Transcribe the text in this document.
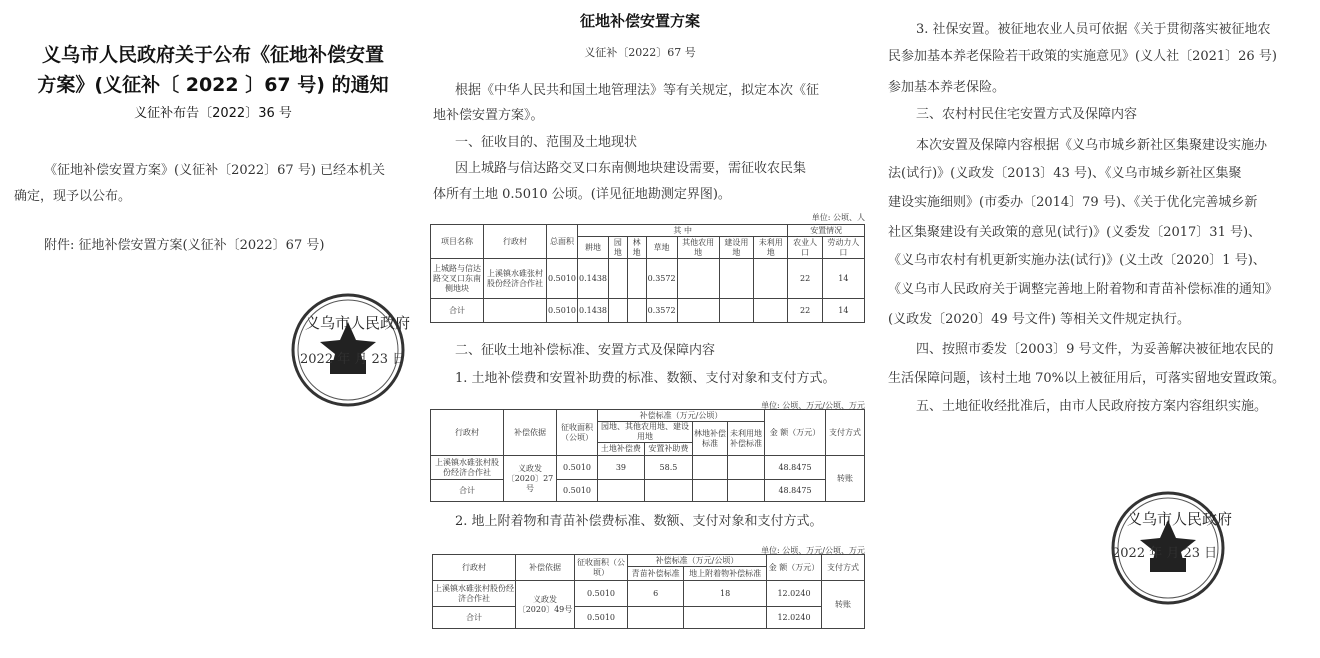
义乌市人民政府关于公布《征地补偿安置
方案》(义征补〔 2022 〕67 号) 的通知
义征补布告〔2022〕36 号
《征地补偿安置方案》(义征补〔2022〕67 号) 已经本机关
确定，现予以公布。
附件: 征地补偿安置方案(义征补〔2022〕67 号)
义乌市人民政府
2022 年 月 23 日
征地补偿安置方案
义征补〔2022〕67 号
根据《中华人民共和国土地管理法》等有关规定，拟定本次《征
地补偿安置方案》。
一、征收目的、范围及土地现状
因上城路与信达路交叉口东南侧地块建设需要，需征收农民集
体所有土地 0.5010 公顷。(详见征地勘测定界图)。
单位: 公顷、人
项目名称	行政村	总面积	其 中							安置情况	
			耕地	园地	林地	草地	其他农用地	建设用地	未利用地	农业人口	劳动力人口
上城路与信达路交叉口东南侧地块	上溪镇水碓张村股份经济合作社	0.5010	0.1438			0.3572				22	14
合计		0.5010	0.1438			0.3572				22	14
二、征收土地补偿标准、安置方式及保障内容
1. 土地补偿费和安置补助费的标准、数额、支付对象和支付方式。
单位: 公顷、万元/公顷、万元
行政村	补偿依据	征收面积（公顷）	补偿标准（万元/公顷）				金 额（万元）	支付方式
			园地、其他农用地、建设用地		林地补偿标准	未利用地补偿标准		
			土地补偿费	安置补助费				
上溪镇水碓张村股份经济合作社	义政发〔2020〕27号	0.5010	39	58.5			48.8475	转账
合计		0.5010					48.8475	
2. 地上附着物和青苗补偿费标准、数额、支付对象和支付方式。
单位: 公顷、万元/公顷、万元
行政村	补偿依据	征收面积（公顷）	补偿标准（万元/公顷）		金 额（万元）	支付方式
			青苗补偿标准	地上附着物补偿标准		
上溪镇水碓张村股份经济合作社	义政发〔2020〕49号	0.5010	6	18	12.0240	转账
合计		0.5010			12.0240	
3. 社保安置。被征地农业人员可依据《关于贯彻落实被征地农
民参加基本养老保险若干政策的实施意见》(义人社〔2021〕26 号)
参加基本养老保险。
三、农村村民住宅安置方式及保障内容
本次安置及保障内容根据《义乌市城乡新社区集聚建设实施办
法(试行)》(义政发〔2013〕43 号)、《义乌市城乡新社区集聚
建设实施细则》(市委办〔2014〕79 号)、《关于优化完善城乡新
社区集聚建设有关政策的意见(试行)》(义委发〔2017〕31 号)、
《义乌市农村有机更新实施办法(试行)》(义土改〔2020〕1 号)、
《义乌市人民政府关于调整完善地上附着物和青苗补偿标准的通知》
(义政发〔2020〕49 号文件) 等相关文件规定执行。
四、按照市委发〔2003〕9 号文件，为妥善解决被征地农民的
生活保障问题，该村土地 70%以上被征用后，可落实留地安置政策。
五、土地征收经批准后，由市人民政府按方案内容组织实施。
义乌市人民政府
2022 年 月 23 日
